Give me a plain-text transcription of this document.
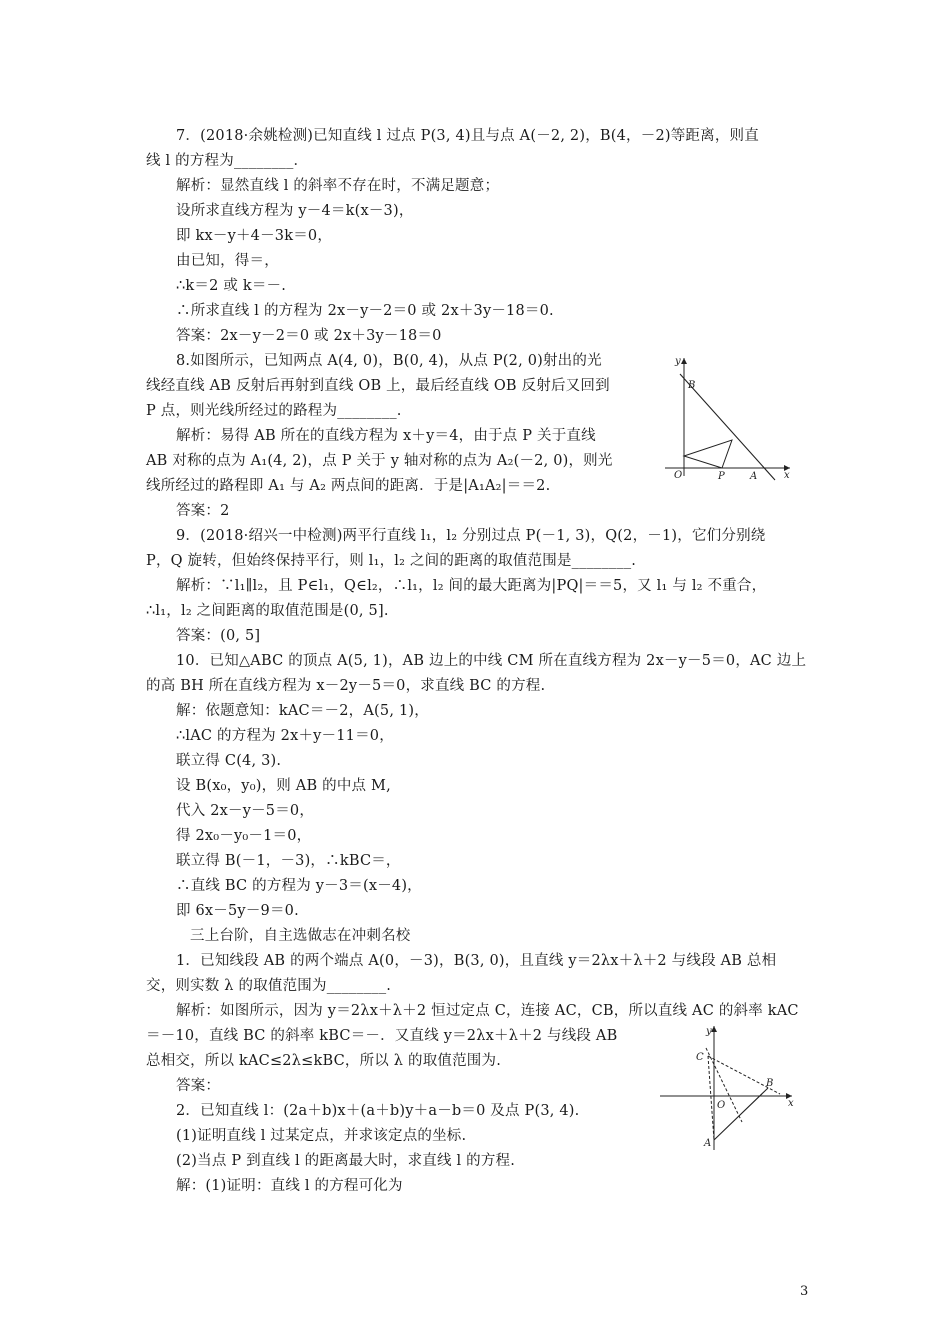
7．(2018·余姚检测)已知直线 l 过点 P(3, 4)且与点 A(－2, 2)，B(4，－2)等距离，则直
线 l 的方程为________．
解析：显然直线 l 的斜率不存在时，不满足题意；
设所求直线方程为 y－4＝k(x－3)，
即 kx－y＋4－3k＝0，
由已知，得＝，
∴k＝2 或 k＝－.
∴所求直线 l 的方程为 2x－y－2＝0 或 2x＋3y－18＝0.
答案：2x－y－2＝0 或 2x＋3y－18＝0
8.如图所示，已知两点 A(4, 0)，B(0, 4)，从点 P(2, 0)射出的光
线经直线 AB 反射后再射到直线 OB 上，最后经直线 OB 反射后又回到
P 点，则光线所经过的路程为________.
解析：易得 AB 所在的直线方程为 x＋y＝4，由于点 P 关于直线
AB 对称的点为 A₁(4, 2)，点 P 关于 y 轴对称的点为 A₂(－2, 0)，则光
线所经过的路程即 A₁ 与 A₂ 两点间的距离．于是|A₁A₂|＝＝2.
答案：2
9．(2018·绍兴一中检测)两平行直线 l₁，l₂ 分别过点 P(－1, 3)，Q(2，－1)，它们分别绕
P，Q 旋转，但始终保持平行，则 l₁，l₂ 之间的距离的取值范围是________.
解析：∵l₁∥l₂，且 P∈l₁，Q∈l₂，∴l₁，l₂ 间的最大距离为|PQ|＝＝5，又 l₁ 与 l₂ 不重合，
∴l₁，l₂ 之间距离的取值范围是(0, 5].
答案：(0, 5]
10．已知△ABC 的顶点 A(5, 1)，AB 边上的中线 CM 所在直线方程为 2x－y－5＝0，AC 边上
的高 BH 所在直线方程为 x－2y－5＝0，求直线 BC 的方程.
解：依题意知：kAC＝－2，A(5, 1)，
∴lAC 的方程为 2x＋y－11＝0，
联立得 C(4, 3).
设 B(x₀，y₀)，则 AB 的中点 M,
代入 2x－y－5＝0，
得 2x₀－y₀－1＝0，
联立得 B(－1，－3)，∴kBC＝，
∴直线 BC 的方程为 y－3＝(x－4)，
即 6x－5y－9＝0.
三上台阶，自主选做志在冲刺名校
1．已知线段 AB 的两个端点 A(0，－3)，B(3, 0)，且直线 y＝2λx＋λ＋2 与线段 AB 总相
交，则实数 λ 的取值范围为________.
解析：如图所示，因为 y＝2λx＋λ＋2 恒过定点 C，连接 AC，CB，所以直线 AC 的斜率 kAC
＝－10，直线 BC 的斜率 kBC＝－．又直线 y＝2λx＋λ＋2 与线段 AB
总相交，所以 kAC≤2λ≤kBC，所以 λ 的取值范围为.
答案：
2．已知直线 l：(2a＋b)x＋(a＋b)y＋a－b＝0 及点 P(3, 4).
(1)证明直线 l 过某定点，并求该定点的坐标.
(2)当点 P 到直线 l 的距离最大时，求直线 l 的方程.
解：(1)证明：直线 l 的方程可化为
y
B
O	P	A	x
y
C
O
B
A
x
3
